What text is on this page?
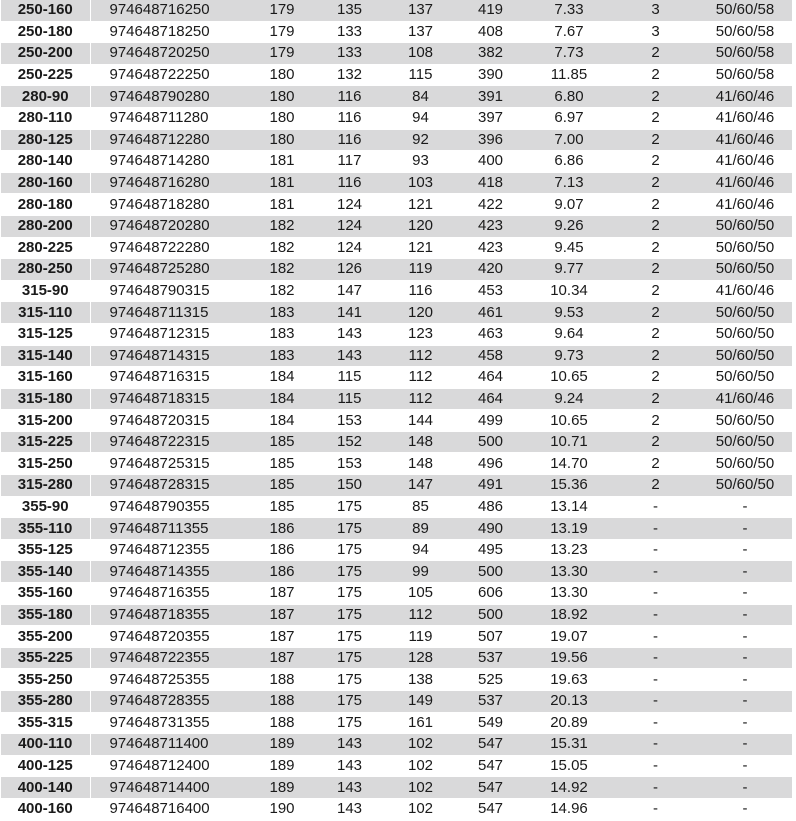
250-160	974648716250	179	135	137	419	7.33	3	50/60/58
250-180	974648718250	179	133	137	408	7.67	3	50/60/58
250-200	974648720250	179	133	108	382	7.73	2	50/60/58
250-225	974648722250	180	132	115	390	11.85	2	50/60/58
280-90	974648790280	180	116	84	391	6.80	2	41/60/46
280-110	974648711280	180	116	94	397	6.97	2	41/60/46
280-125	974648712280	180	116	92	396	7.00	2	41/60/46
280-140	974648714280	181	117	93	400	6.86	2	41/60/46
280-160	974648716280	181	116	103	418	7.13	2	41/60/46
280-180	974648718280	181	124	121	422	9.07	2	41/60/46
280-200	974648720280	182	124	120	423	9.26	2	50/60/50
280-225	974648722280	182	124	121	423	9.45	2	50/60/50
280-250	974648725280	182	126	119	420	9.77	2	50/60/50
315-90	974648790315	182	147	116	453	10.34	2	41/60/46
315-110	974648711315	183	141	120	461	9.53	2	50/60/50
315-125	974648712315	183	143	123	463	9.64	2	50/60/50
315-140	974648714315	183	143	112	458	9.73	2	50/60/50
315-160	974648716315	184	115	112	464	10.65	2	50/60/50
315-180	974648718315	184	115	112	464	9.24	2	41/60/46
315-200	974648720315	184	153	144	499	10.65	2	50/60/50
315-225	974648722315	185	152	148	500	10.71	2	50/60/50
315-250	974648725315	185	153	148	496	14.70	2	50/60/50
315-280	974648728315	185	150	147	491	15.36	2	50/60/50
355-90	974648790355	185	175	85	486	13.14	-	-
355-110	974648711355	186	175	89	490	13.19	-	-
355-125	974648712355	186	175	94	495	13.23	-	-
355-140	974648714355	186	175	99	500	13.30	-	-
355-160	974648716355	187	175	105	606	13.30	-	-
355-180	974648718355	187	175	112	500	18.92	-	-
355-200	974648720355	187	175	119	507	19.07	-	-
355-225	974648722355	187	175	128	537	19.56	-	-
355-250	974648725355	188	175	138	525	19.63	-	-
355-280	974648728355	188	175	149	537	20.13	-	-
355-315	974648731355	188	175	161	549	20.89	-	-
400-110	974648711400	189	143	102	547	15.31	-	-
400-125	974648712400	189	143	102	547	15.05	-	-
400-140	974648714400	189	143	102	547	14.92	-	-
400-160	974648716400	190	143	102	547	14.96	-	-
